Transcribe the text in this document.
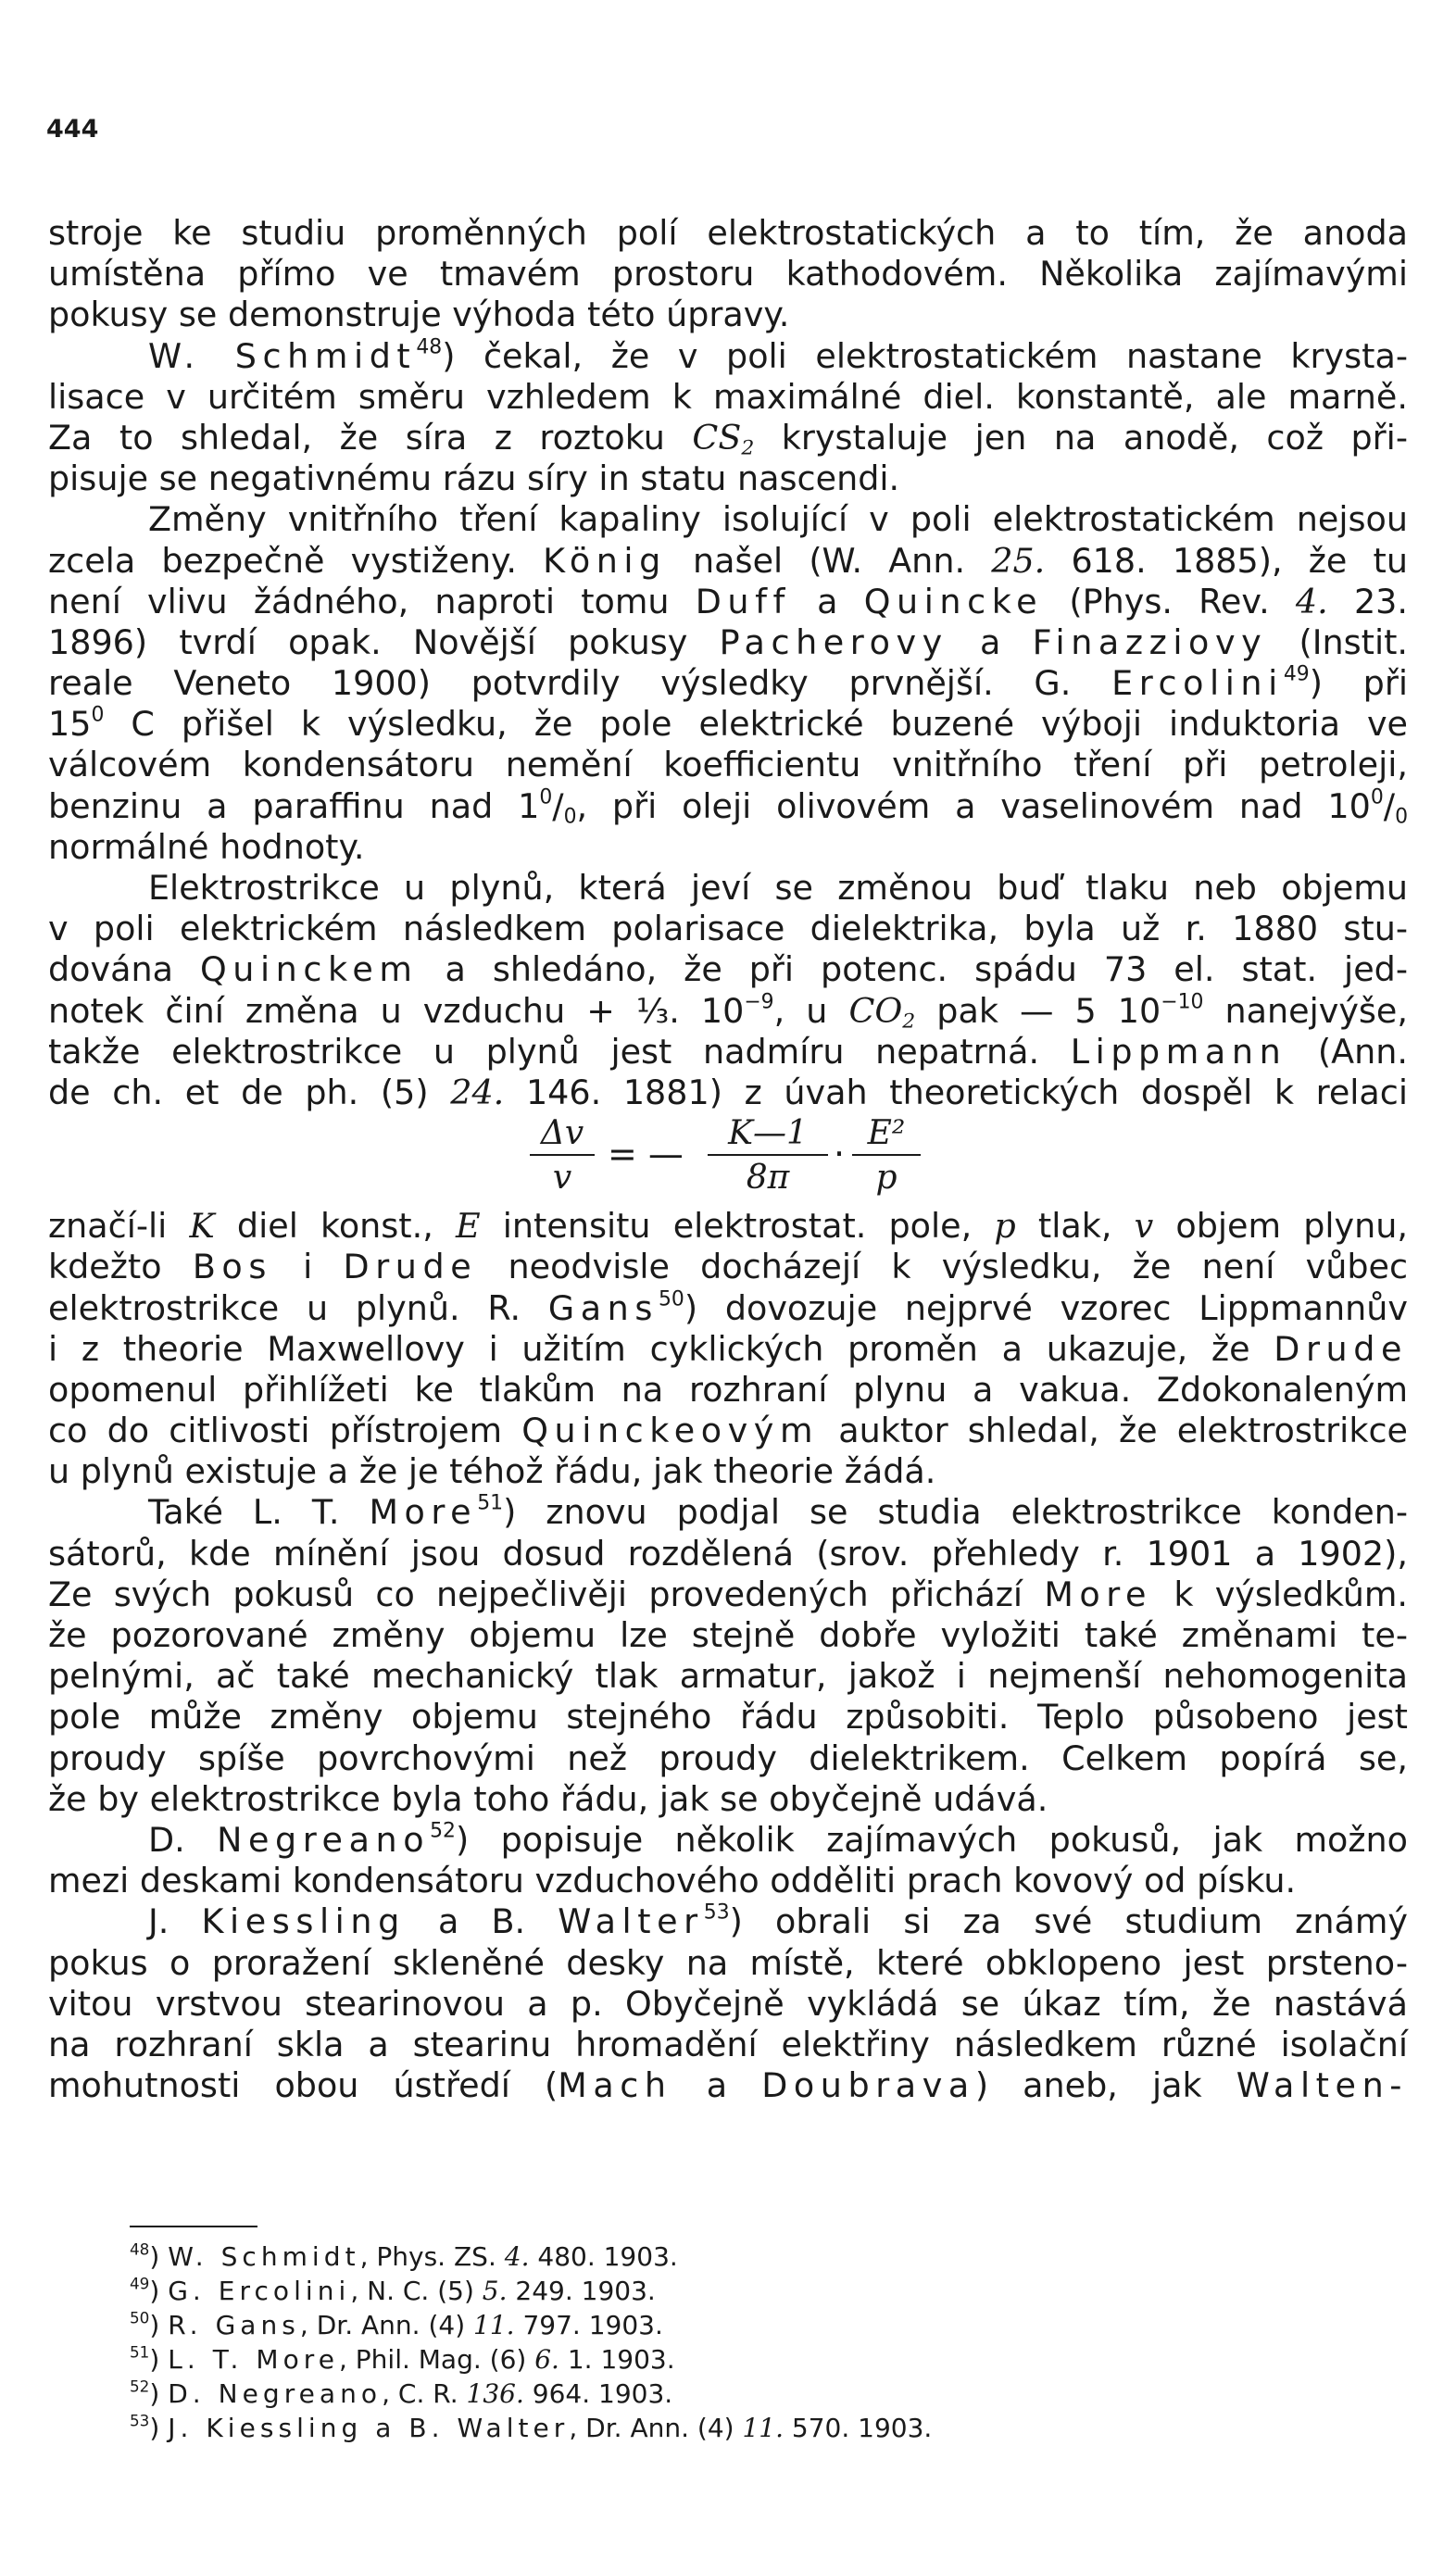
444
stroje ke studiu proměnných polí elektrostatických a to tím, že anoda
umístěna přímo ve tmavém prostoru kathodovém. Několika zajímavými
pokusy se demonstruje výhoda této úpravy.
W. Schmidt$^{48}$) čekal, že v poli elektrostatickém nastane krysta-
lisace v určitém směru vzhledem k maximálné diel. konstantě, ale marně.
Za to shledal, že síra z roztoku $CS_2$ krystaluje jen na anodě, což při-
pisuje se negativnému rázu síry in statu nascendi.
Změny vnitřního tření kapaliny isolující v poli elektrostatickém nejsou
zcela bezpečně vystiženy. König našel (W. Ann. 25. 618. 1885), že tu
není vlivu žádného, naproti tomu Duff a Quincke (Phys. Rev. 4. 23.
1896) tvrdí opak. Novější pokusy Pacherovy a Finazziovy (Instit.
reale Veneto 1900) potvrdily výsledky prvnější. G. Ercolini$^{49}$) při
$15^0$ C přišel k výsledku, že pole elektrické buzené výboji induktoria ve
válcovém kondensátoru nemění koefficientu vnitřního tření při petroleji,
benzinu a paraffinu nad $1^0/_0$, při oleji olivovém a vaselinovém nad $10^0/_0$
normálné hodnoty.
Elektrostrikce u plynů, která jeví se změnou buď tlaku neb objemu
v poli elektrickém následkem polarisace dielektrika, byla už r. 1880 stu-
dována Quinckem a shledáno, že při potenc. spádu 73 el. stat. jed-
notek činí změna u vzduchu + ⅓. $10^{-9}$, u $CO_2$ pak — 5 $10^{-10}$ nanejvýše,
takže elektrostrikce u plynů jest nadmíru nepatrná. Lippmann (Ann.
de ch. et de ph. (5) 24. 146. 1881) z úvah theoretických dospěl k relaci
$\frac{\Delta v}{v}$ = — $\frac{K—1}{8\pi} \cdot \frac{\text{E²}}{p}$
značí-li K diel konst., E intensitu elektrostat. pole, p tlak, v objem plynu,
kdežto Bos i Drude neodvisle docházejí k výsledku, že není vůbec
elektrostrikce u plynů. R. Gans$^{50}$) dovozuje nejprvé vzorec Lippmannův
i z theorie Maxwellovy i užitím cyklických proměn a ukazuje, že Drude
opomenul přihlížeti ke tlakům na rozhraní plynu a vakua. Zdokonaleným
co do citlivosti přístrojem Quinckeovým auktor shledal, že elektrostrikce
u plynů existuje a že je téhož řádu, jak theorie žádá.
Také L. T. More$^{51}$) znovu podjal se studia elektrostrikce konden-
sátorů, kde mínění jsou dosud rozdělená (srov. přehledy r. 1901 a 1902),
Ze svých pokusů co nejpečlivěji provedených přichází More k výsledkům.
že pozorované změny objemu lze stejně dobře vyložiti také změnami te-
pelnými, ač také mechanický tlak armatur, jakož i nejmenší nehomogenita
pole může změny objemu stejného řádu způsobiti. Teplo působeno jest
proudy spíše povrchovými než proudy dielektrikem. Celkem popírá se,
že by elektrostrikce byla toho řádu, jak se obyčejně udává.
D. Negreano$^{52}$) popisuje několik zajímavých pokusů, jak možno
mezi deskami kondensátoru vzduchového odděliti prach kovový od písku.
J. Kiessling a B. Walter$^{53}$) obrali si za své studium známý
pokus o proražení skleněné desky na místě, které obklopeno jest prsteno-
vitou vrstvou stearinovou a p. Obyčejně vykládá se úkaz tím, že nastává
na rozhraní skla a stearinu hromadění elektřiny následkem různé isolační
mohutnosti obou ústředí (Mach a Doubrava) aneb, jak Walten-
$^{48}$) W. Schmidt, Phys. ZS. 4. 480. 1903.
$^{49}$) G. Ercolini, N. C. (5) 5. 249. 1903.
$^{50}$) R. Gans, Dr. Ann. (4) 11. 797. 1903.
$^{51}$) L. T. More, Phil. Mag. (6) 6. 1. 1903.
$^{52}$) D. Negreano, C. R. 136. 964. 1903.
$^{53}$) J. Kiessling a B. Walter, Dr. Ann. (4) 11. 570. 1903.
